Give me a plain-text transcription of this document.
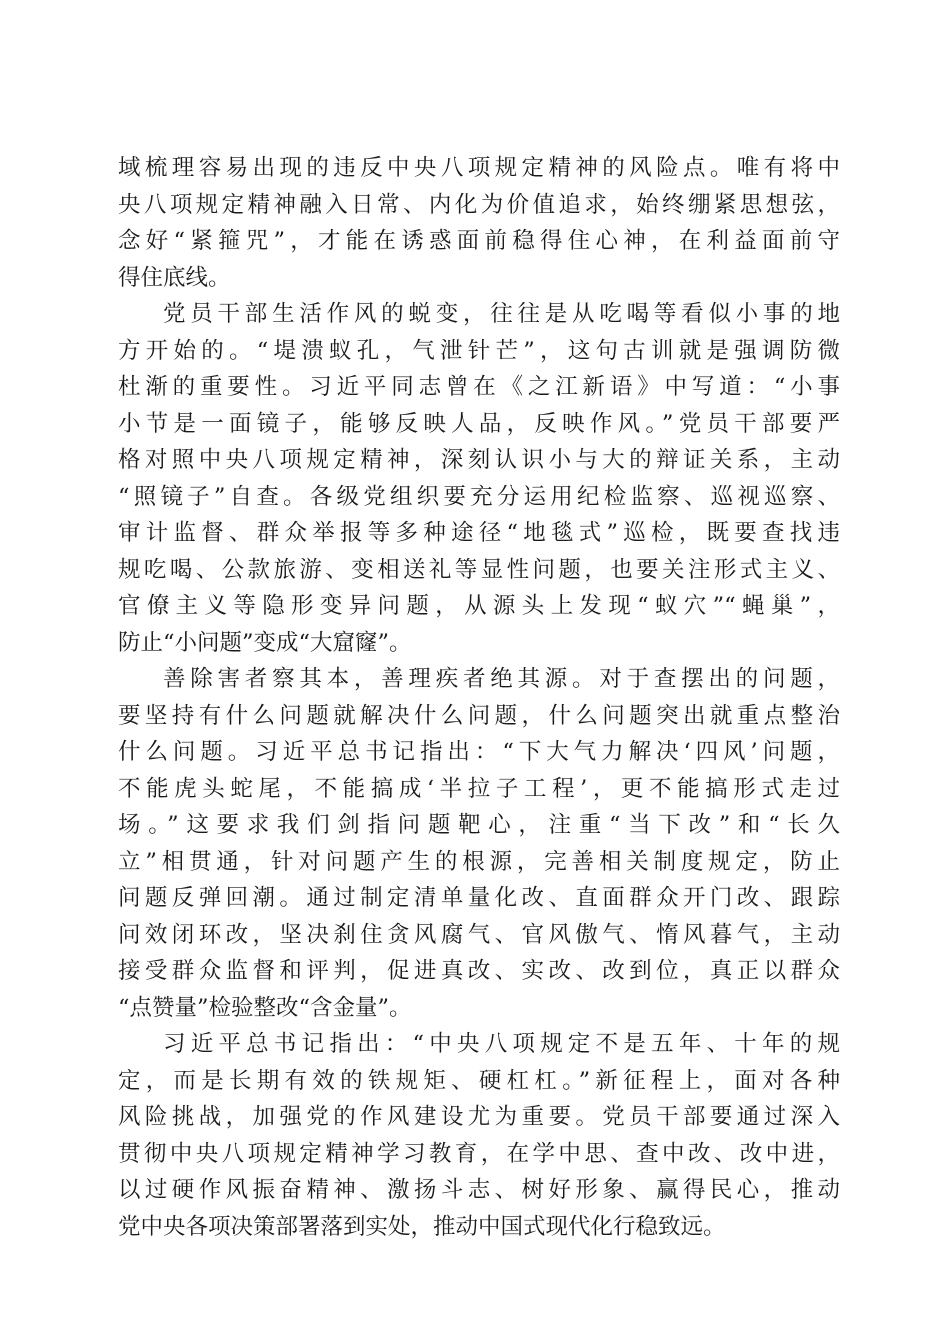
域梳理容易出现的违反中央八项规定精神的风险点。唯有将中
央八项规定精神融入日常、内化为价值追求，始终绷紧思想弦，
念好“紧箍咒”，才能在诱惑面前稳得住心神，在利益面前守
得住底线。
党员干部生活作风的蜕变，往往是从吃喝等看似小事的地
方开始的。“堤溃蚁孔，气泄针芒”，这句古训就是强调防微
杜渐的重要性。习近平同志曾在《之江新语》中写道：“小事
小节是一面镜子，能够反映人品，反映作风。”党员干部要严
格对照中央八项规定精神，深刻认识小与大的辩证关系，主动
“照镜子”自查。各级党组织要充分运用纪检监察、巡视巡察、
审计监督、群众举报等多种途径“地毯式”巡检，既要查找违
规吃喝、公款旅游、变相送礼等显性问题，也要关注形式主义、
官僚主义等隐形变异问题，从源头上发现“蚁穴”“蝇巢”，
防止“小问题”变成“大窟窿”。
善除害者察其本，善理疾者绝其源。对于查摆出的问题，
要坚持有什么问题就解决什么问题，什么问题突出就重点整治
什么问题。习近平总书记指出：“下大气力解决‘四风’问题，
不能虎头蛇尾，不能搞成‘半拉子工程’，更不能搞形式走过
场。”这要求我们剑指问题靶心，注重“当下改”和“长久
立”相贯通，针对问题产生的根源，完善相关制度规定，防止
问题反弹回潮。通过制定清单量化改、直面群众开门改、跟踪
问效闭环改，坚决刹住贪风腐气、官风傲气、惰风暮气，主动
接受群众监督和评判，促进真改、实改、改到位，真正以群众
“点赞量”检验整改“含金量”。
习近平总书记指出：“中央八项规定不是五年、十年的规
定，而是长期有效的铁规矩、硬杠杠。”新征程上，面对各种
风险挑战，加强党的作风建设尤为重要。党员干部要通过深入
贯彻中央八项规定精神学习教育，在学中思、查中改、改中进，
以过硬作风振奋精神、激扬斗志、树好形象、赢得民心，推动
党中央各项决策部署落到实处，推动中国式现代化行稳致远。
